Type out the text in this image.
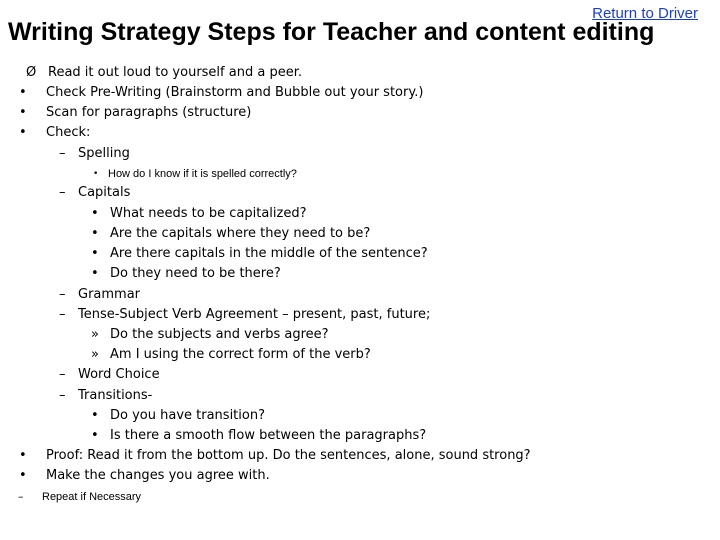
Return to Driver
Writing Strategy Steps for Teacher and content editing
Ø Read it out loud to yourself and a peer.
• Check Pre-Writing (Brainstorm and Bubble out your story.)
• Scan for paragraphs (structure)
• Check:
– Spelling
• How do I know if it is spelled correctly?
– Capitals
• What needs to be capitalized?
• Are the capitals where they need to be?
• Are there capitals in the middle of the sentence?
• Do they need to be there?
– Grammar
– Tense-Subject Verb Agreement – present, past, future;
» Do the subjects and verbs agree?
» Am I using the correct form of the verb?
– Word Choice
– Transitions-
• Do you have transition?
• Is there a smooth flow between the paragraphs?
• Proof: Read it from the bottom up. Do the sentences, alone, sound strong?
• Make the changes you agree with.
– Repeat if Necessary
